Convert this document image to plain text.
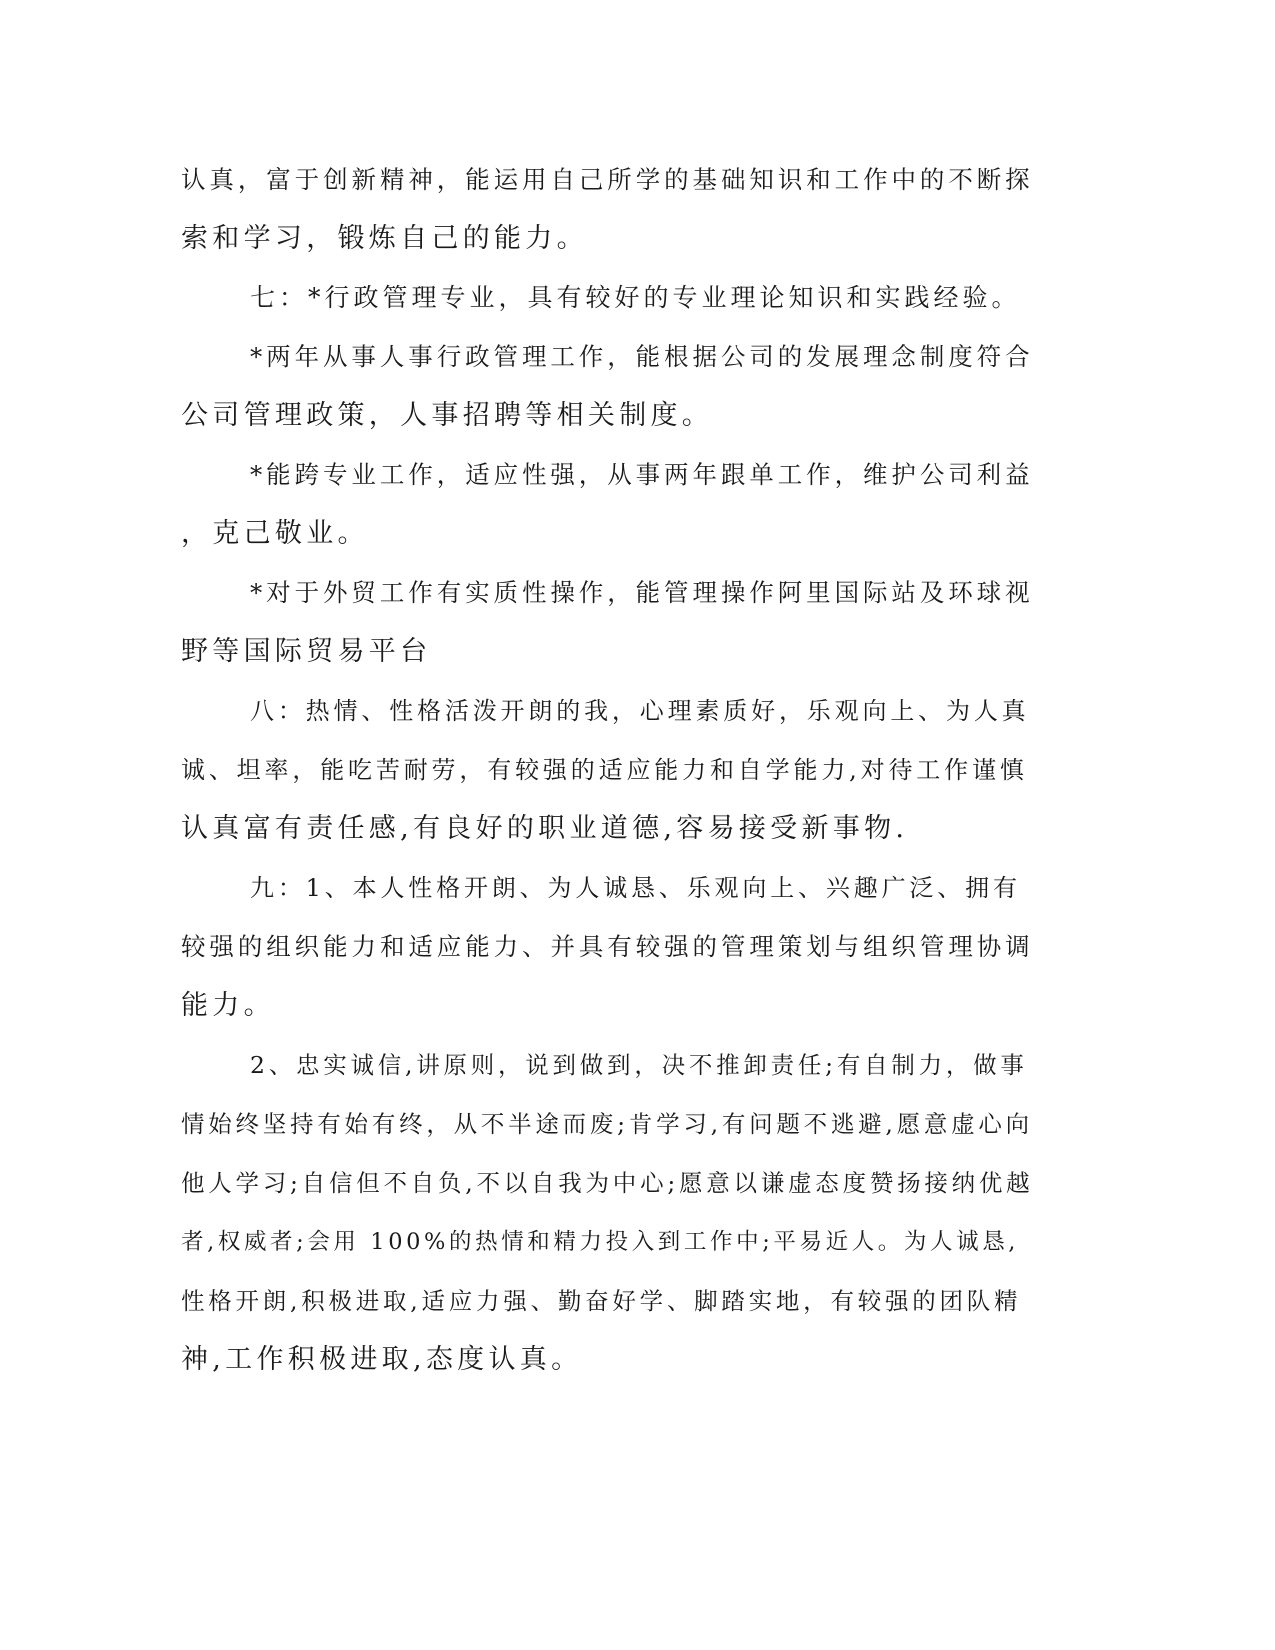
认真，富于创新精神，能运用自己所学的基础知识和工作中的不断探
索和学习，锻炼自己的能力。
七：*行政管理专业，具有较好的专业理论知识和实践经验。
*两年从事人事行政管理工作，能根据公司的发展理念制度符合
公司管理政策，人事招聘等相关制度。
*能跨专业工作，适应性强，从事两年跟单工作，维护公司利益
，克己敬业。
*对于外贸工作有实质性操作，能管理操作阿里国际站及环球视
野等国际贸易平台
八：热情、性格活泼开朗的我，心理素质好，乐观向上、为人真
诚、坦率，能吃苦耐劳，有较强的适应能力和自学能力,对待工作谨慎
认真富有责任感,有良好的职业道德,容易接受新事物.
九：1、本人性格开朗、为人诚恳、乐观向上、兴趣广泛、拥有
较强的组织能力和适应能力、并具有较强的管理策划与组织管理协调
能力。
2、忠实诚信,讲原则，说到做到，决不推卸责任;有自制力，做事
情始终坚持有始有终，从不半途而废;肯学习,有问题不逃避,愿意虚心向
他人学习;自信但不自负,不以自我为中心;愿意以谦虚态度赞扬接纳优越
者,权威者;会用 100%的热情和精力投入到工作中;平易近人。为人诚恳,
性格开朗,积极进取,适应力强、勤奋好学、脚踏实地，有较强的团队精
神,工作积极进取,态度认真。
